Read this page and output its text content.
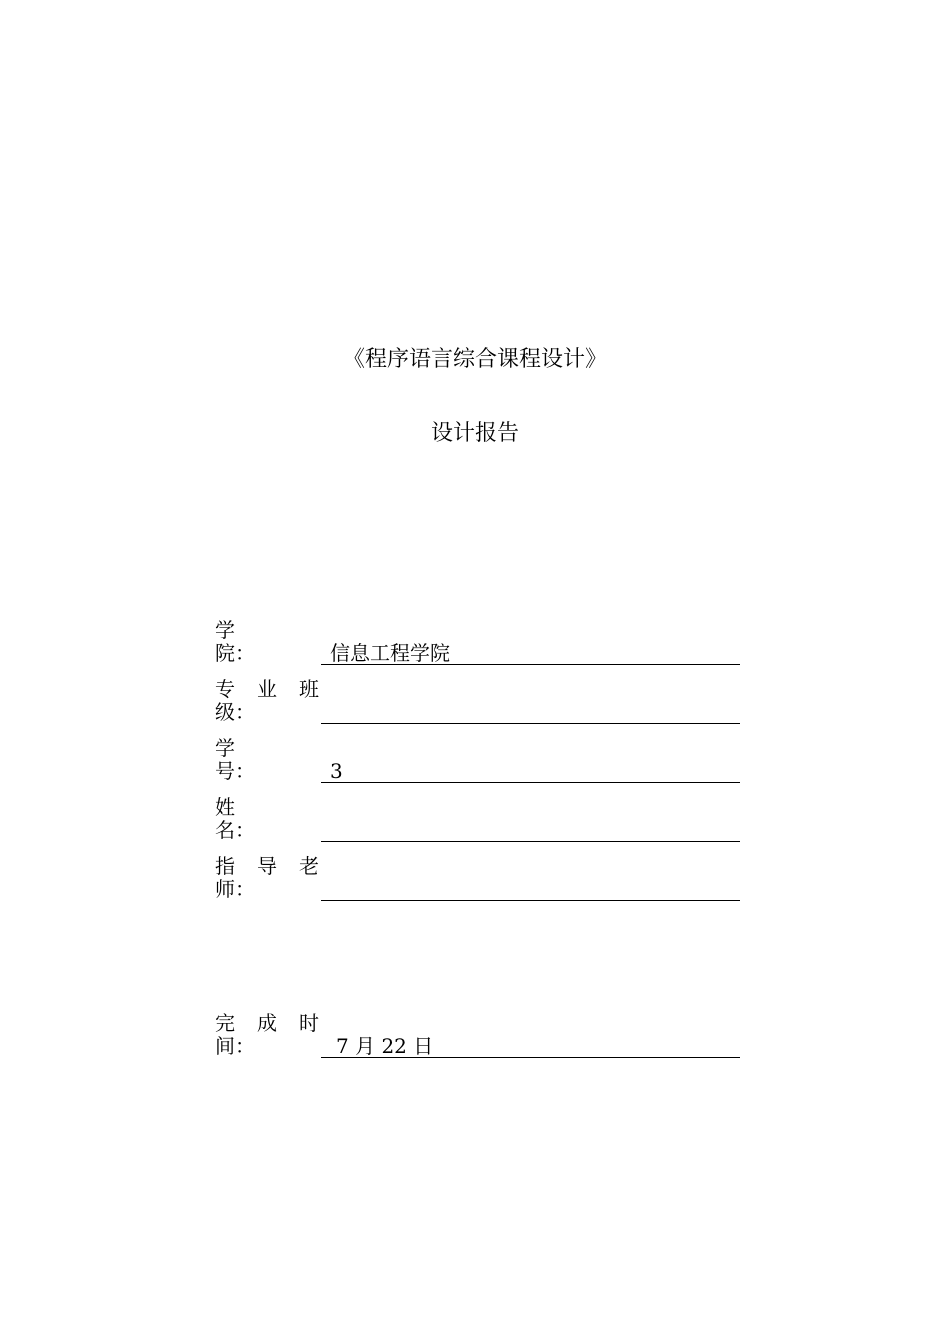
《程序语言综合课程设计》
设计报告
学
院：	信息工程学院
专 业 班
级：
学
号：	3
姓
名：
指 导 老
师：
完 成 时
间：	7 月 22 日
